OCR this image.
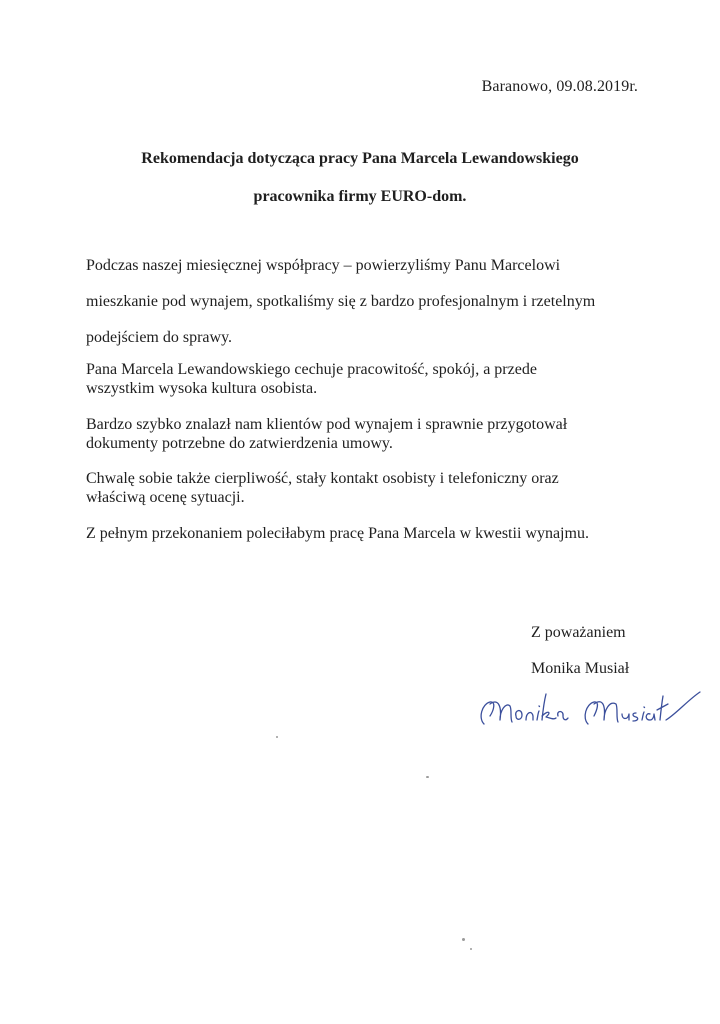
Baranowo, 09.08.2019r.
Rekomendacja dotycząca pracy Pana Marcela Lewandowskiego
pracownika firmy EURO-dom.
Podczas naszej miesięcznej współpracy – powierzyliśmy Panu Marcelowi
mieszkanie pod wynajem, spotkaliśmy się z bardzo profesjonalnym i rzetelnym
podejściem do sprawy.
Pana Marcela Lewandowskiego cechuje pracowitość, spokój, a przede
wszystkim wysoka kultura osobista.
Bardzo szybko znalazł nam klientów pod wynajem i sprawnie przygotował
dokumenty potrzebne do zatwierdzenia umowy.
Chwalę sobie także cierpliwość, stały kontakt osobisty i telefoniczny oraz
właściwą ocenę sytuacji.
Z pełnym przekonaniem poleciłabym pracę Pana Marcela w kwestii wynajmu.
Z poważaniem
Monika Musiał
